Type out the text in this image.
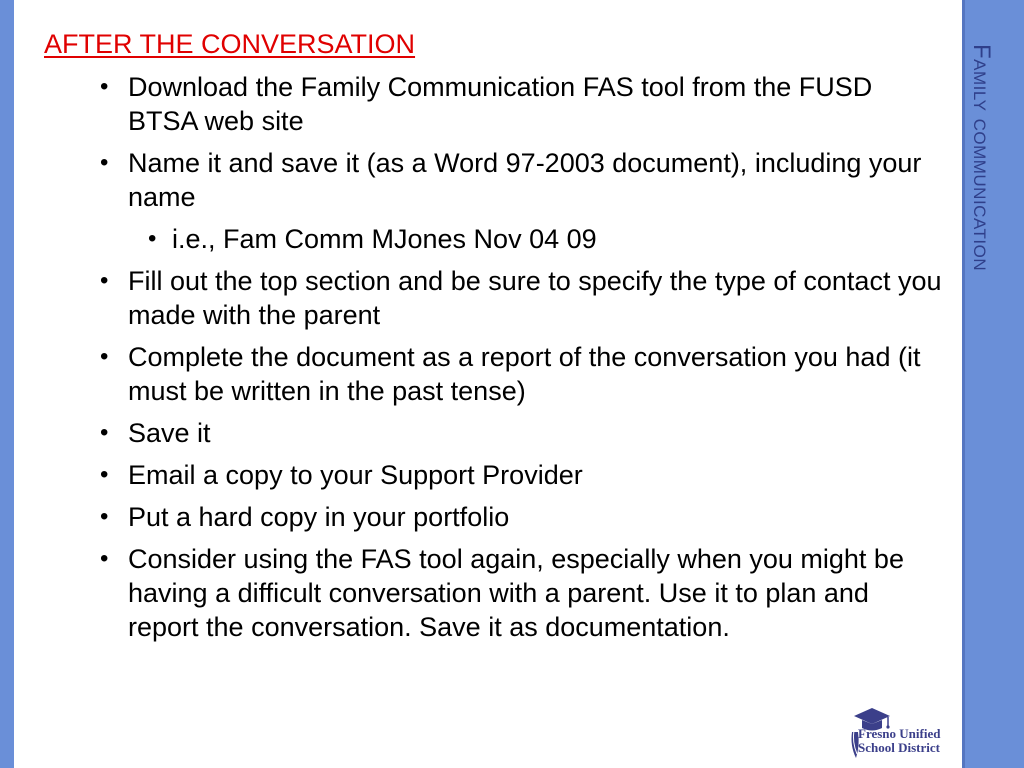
Family communication
AFTER THE CONVERSATION
• Download the Family Communication FAS tool from the FUSD BTSA web site
• Name it and save it (as a Word 97-2003 document), including your name
• i.e., Fam Comm MJones Nov 04 09
• Fill out the top section and be sure to specify the type of contact you made with the parent
• Complete the document as a report of the conversation you had (it must be written in the past tense)
• Save it
• Email a copy to your Support Provider
• Put a hard copy in your portfolio
• Consider using the FAS tool again, especially when you might be having a difficult conversation with a parent. Use it to plan and report the conversation. Save it as documentation.
Fresno Unified
School District
